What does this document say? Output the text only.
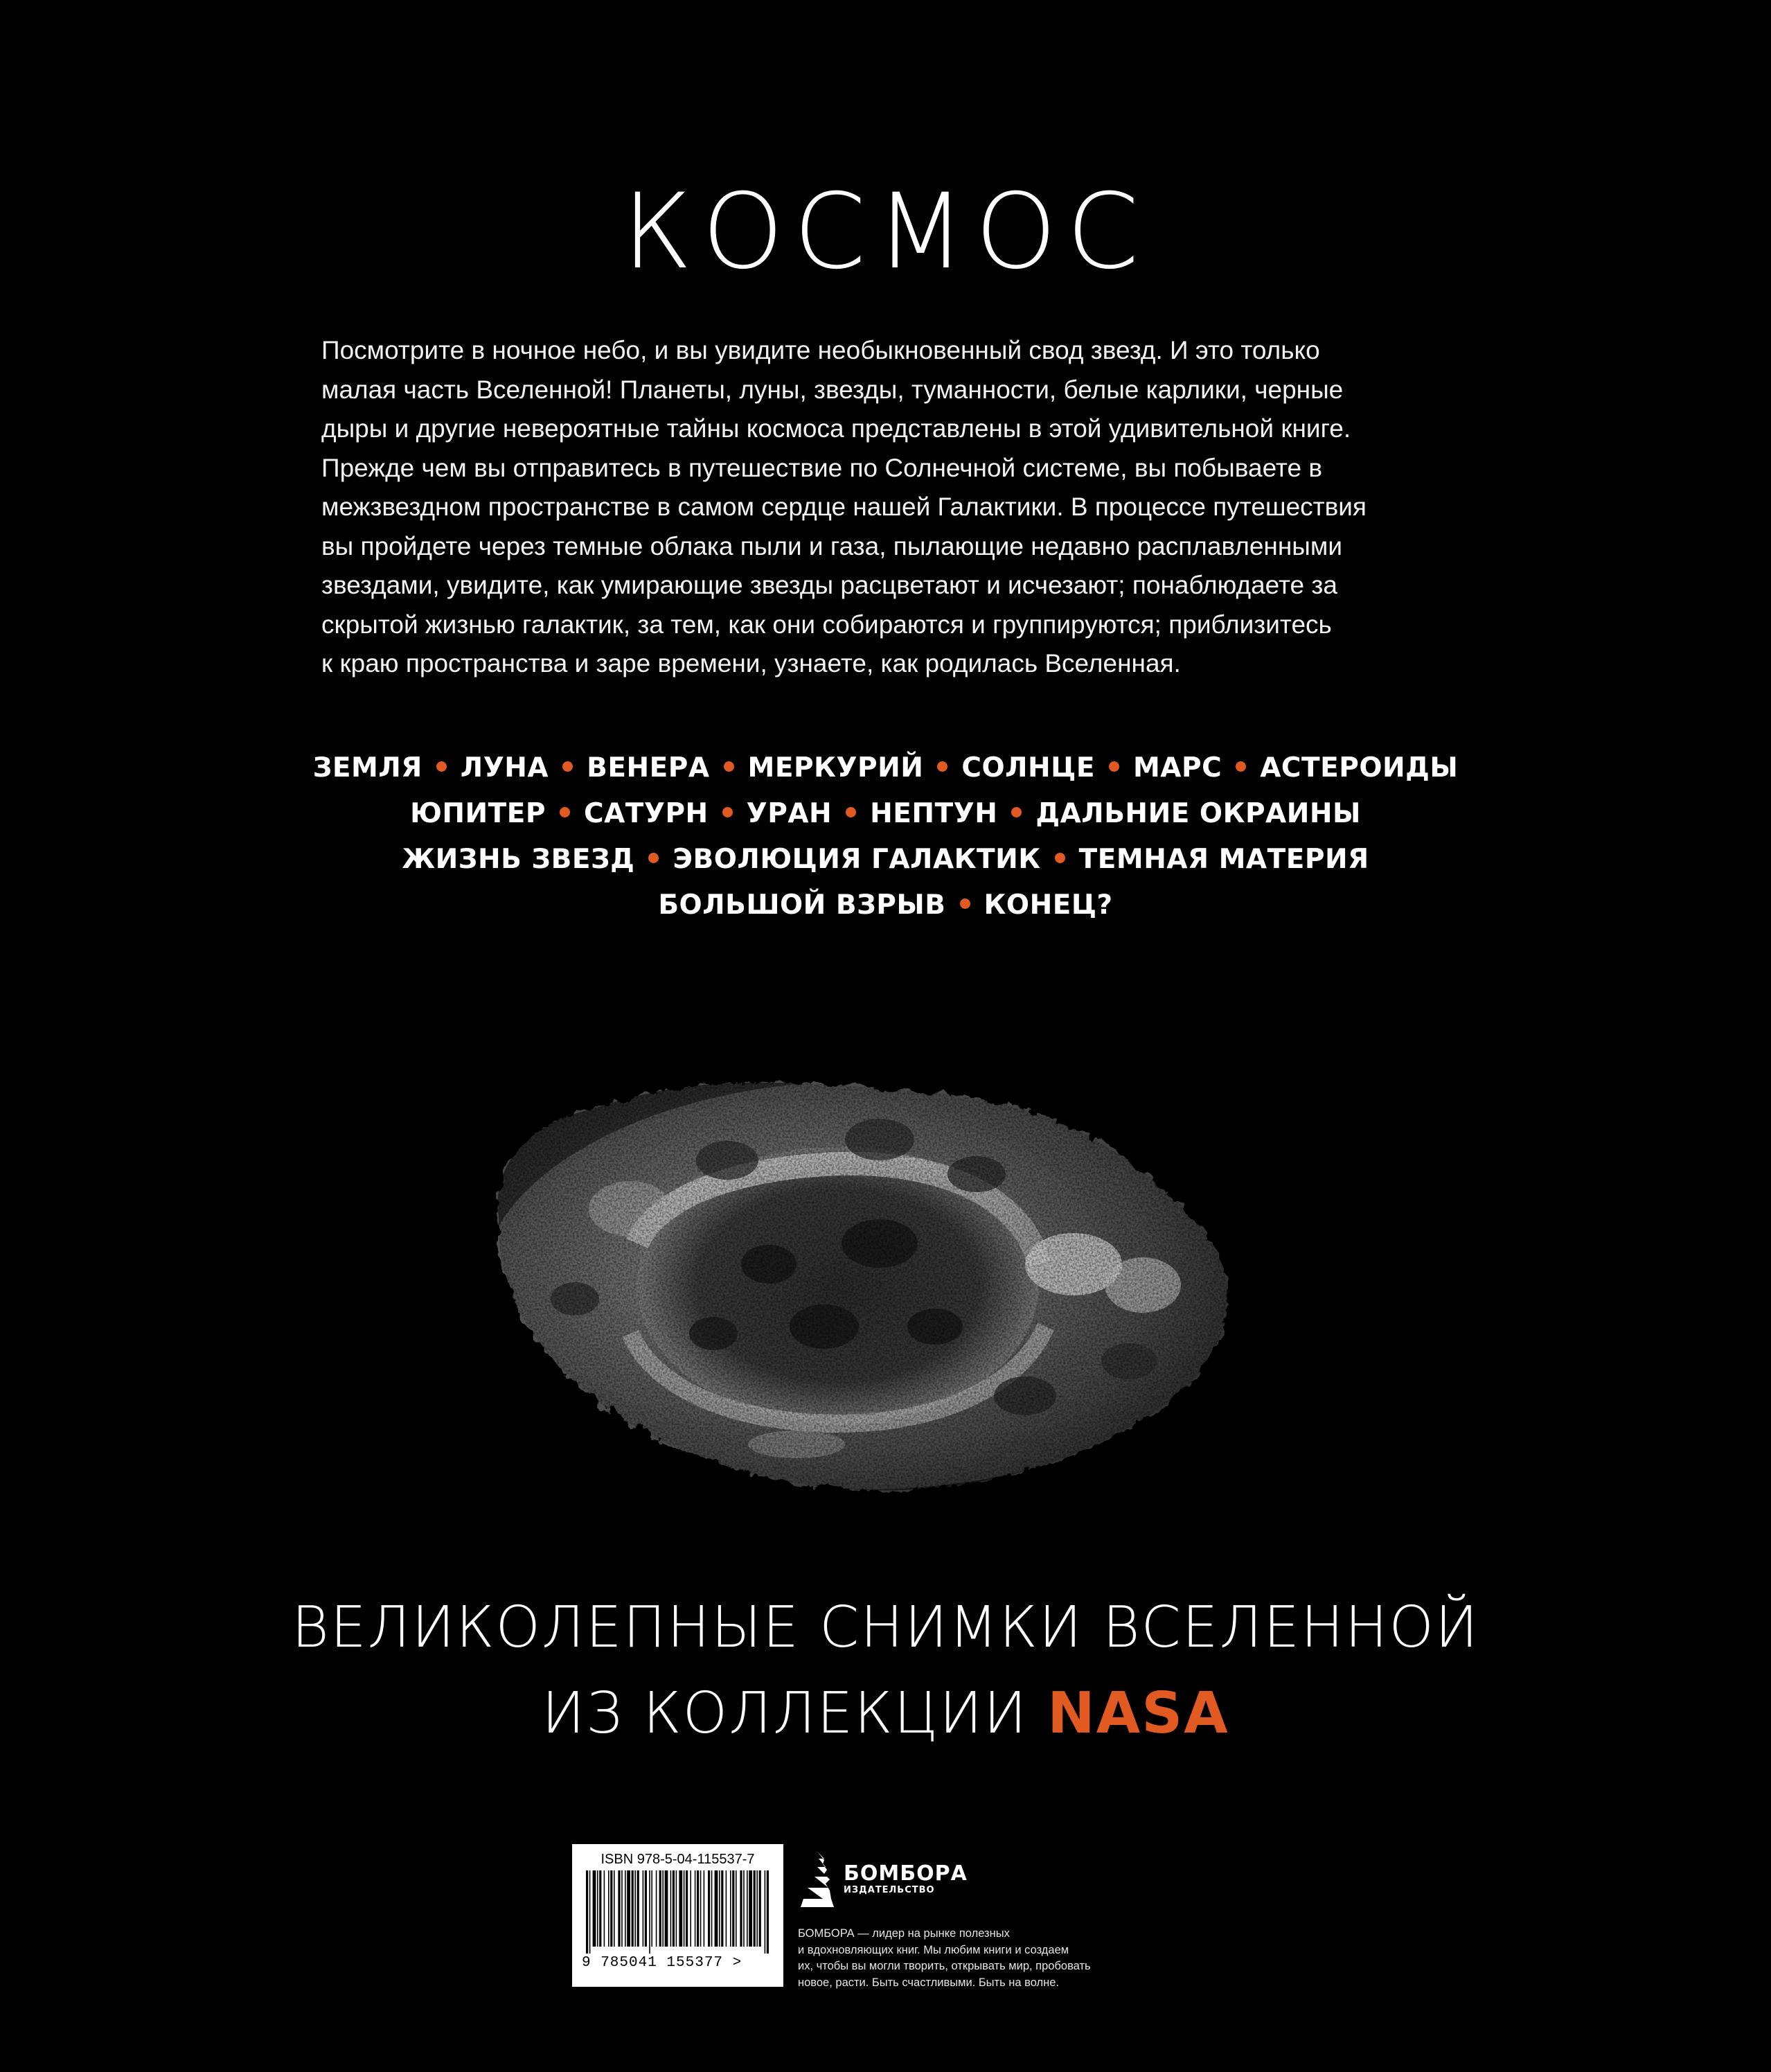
КОСМОС
Посмотрите в ночное небо, и вы увидите необыкновенный свод звезд. И это только
малая часть Вселенной! Планеты, луны, звезды, туманности, белые карлики, черные
дыры и другие невероятные тайны космоса представлены в этой удивительной книге.
Прежде чем вы отправитесь в путешествие по Солнечной системе, вы побываете в
межзвездном пространстве в самом сердце нашей Галактики. В процессе путешествия
вы пройдете через темные облака пыли и газа, пылающие недавно расплавленными
звездами, увидите, как умирающие звезды расцветают и исчезают; понаблюдаете за
скрытой жизнью галактик, за тем, как они собираются и группируются; приблизитесь
к краю пространства и заре времени, узнаете, как родилась Вселенная.
ЗЕМЛЯ ЛУНА ВЕНЕРА МЕРКУРИЙ СОЛНЦЕ МАРС АСТЕРОИДЫ
ЮПИТЕР САТУРН УРАН НЕПТУН ДАЛЬНИЕ ОКРАИНЫ
ЖИЗНЬ ЗВЕЗД ЭВОЛЮЦИЯ ГАЛАКТИК ТЕМНАЯ МАТЕРИЯ
БОЛЬШОЙ ВЗРЫВ КОНЕЦ?
ВЕЛИКОЛЕПНЫЕ СНИМКИ ВСЕЛЕННОЙ
ИЗ КОЛЛЕКЦИИ NASA
ISBN 978-5-04-115537-7
9 785041 155377 >
БОМБОРА
ИЗДАТЕЛЬСТВО
БОМБОРА — лидер на рынке полезных
и вдохновляющих книг. Мы любим книги и создаем
их, чтобы вы могли творить, открывать мир, пробовать
новое, расти. Быть счастливыми. Быть на волне.
